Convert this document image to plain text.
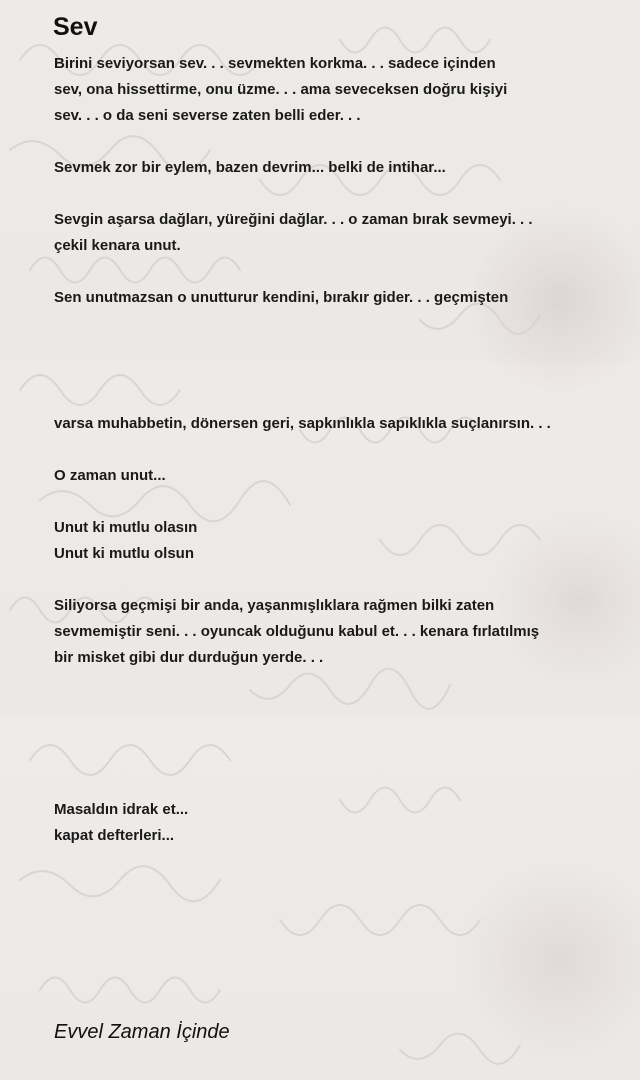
Sev
Birini seviyorsan sev. . . sevmekten korkma. . . sadece içinden
sev, ona hissettirme, onu üzme. . . ama seveceksen doğru kişiyi
sev. . . o da seni severse zaten belli eder. . .
Sevmek zor bir eylem, bazen devrim... belki de intihar...
Sevgin aşarsa dağları, yüreğini dağlar. . . o zaman bırak sevmeyi. . .
çekil kenara unut.
Sen unutmazsan o unutturur kendini, bırakır gider. . . geçmişten
varsa muhabbetin, dönersen geri, sapkınlıkla sapıklıkla suçlanırsın. . .
O zaman unut...
Unut ki mutlu olasın
Unut ki mutlu olsun
Siliyorsa geçmişi bir anda, yaşanmışlıklara rağmen bilki zaten
sevmemiştir seni. . . oyuncak olduğunu kabul et. . . kenara fırlatılmış
bir misket gibi dur durduğun yerde. . .
Masaldın idrak et...
kapat defterleri...
Evvel Zaman İçinde
